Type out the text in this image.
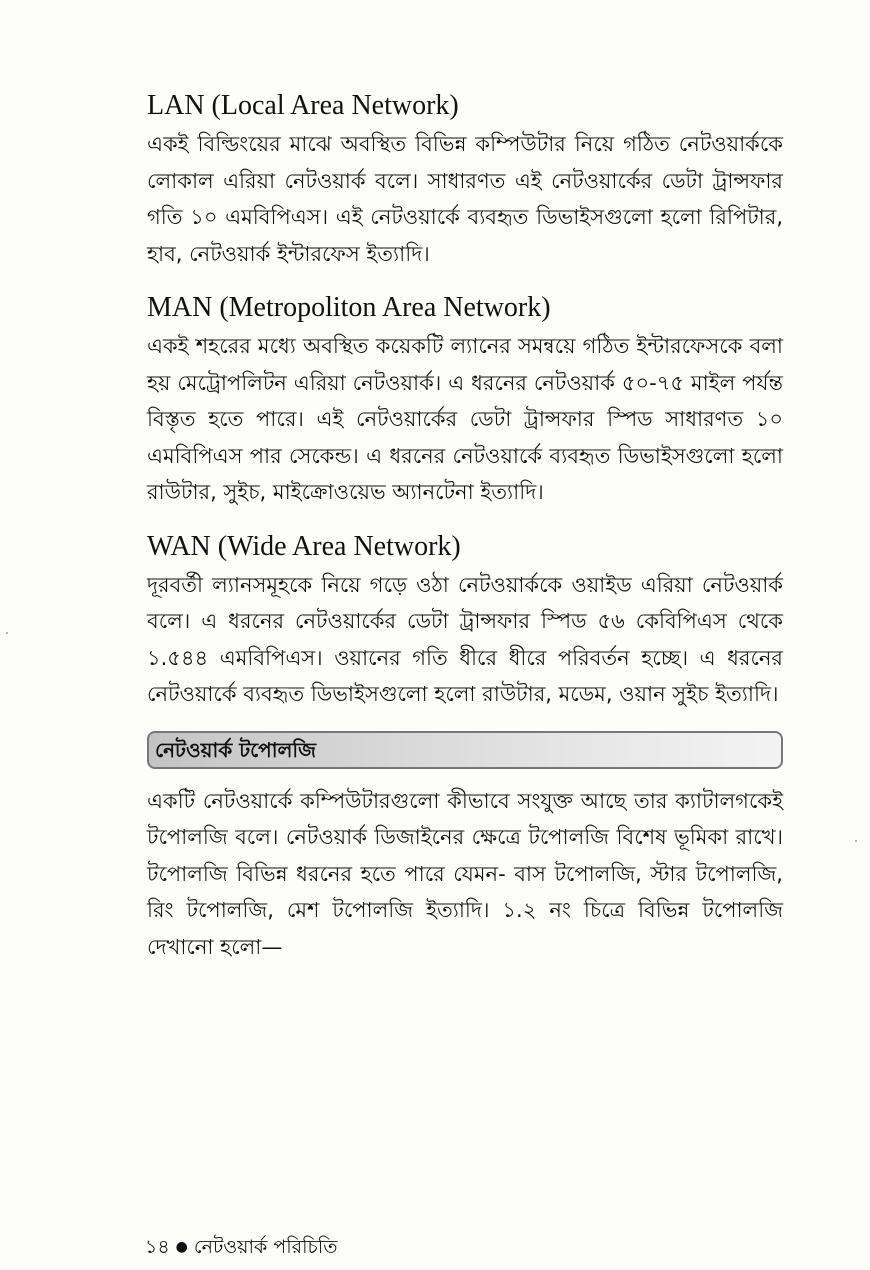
LAN (Local Area Network)

একই বিল্ডিংয়ের মাঝে অবস্থিত বিভিন্ন কম্পিউটার নিয়ে গঠিত নেটওয়ার্ককে লোকাল এরিয়া নেটওয়ার্ক বলে। সাধারণত এই নেটওয়ার্কের ডেটা ট্রান্সফার গতি ১০ এমবিপিএস। এই নেটওয়ার্কে ব্যবহৃত ডিভাইসগুলো হলো রিপিটার, হাব, নেটওয়ার্ক ইন্টারফেস ইত্যাদি।

MAN (Metropoliton Area Network)

একই শহরের মধ্যে অবস্থিত কয়েকটি ল্যানের সমন্বয়ে গঠিত ইন্টারফেসকে বলা হয় মেট্রোপলিটন এরিয়া নেটওয়ার্ক। এ ধরনের নেটওয়ার্ক ৫০-৭৫ মাইল পর্যন্ত বিস্তৃত হতে পারে। এই নেটওয়ার্কের ডেটা ট্রান্সফার স্পিড সাধারণত ১০ এমবিপিএস পার সেকেন্ড। এ ধরনের নেটওয়ার্কে ব্যবহৃত ডিভাইসগুলো হলো রাউটার, সুইচ, মাইক্রোওয়েভ অ্যানটেনা ইত্যাদি।

WAN (Wide Area Network)

দূরবর্তী ল্যানসমূহকে নিয়ে গড়ে ওঠা নেটওয়ার্ককে ওয়াইড এরিয়া নেটওয়ার্ক বলে। এ ধরনের নেটওয়ার্কের ডেটা ট্রান্সফার স্পিড ৫৬ কেবিপিএস থেকে ১.৫৪৪ এমবিপিএস। ওয়ানের গতি ধীরে ধীরে পরিবর্তন হচ্ছে। এ ধরনের নেটওয়ার্কে ব্যবহৃত ডিভাইসগুলো হলো রাউটার, মডেম, ওয়ান সুইচ ইত্যাদি।

নেটওয়ার্ক টপোলজি

একটি নেটওয়ার্কে কম্পিউটারগুলো কীভাবে সংযুক্ত আছে তার ক্যাটালগকেই টপোলজি বলে। নেটওয়ার্ক ডিজাইনের ক্ষেত্রে টপোলজি বিশেষ ভূমিকা রাখে। টপোলজি বিভিন্ন ধরনের হতে পারে যেমন- বাস টপোলজি, স্টার টপোলজি, রিং টপোলজি, মেশ টপোলজি ইত্যাদি। ১.২ নং চিত্রে বিভিন্ন টপোলজি দেখানো হলো—

১৪ ● নেটওয়ার্ক পরিচিতি
